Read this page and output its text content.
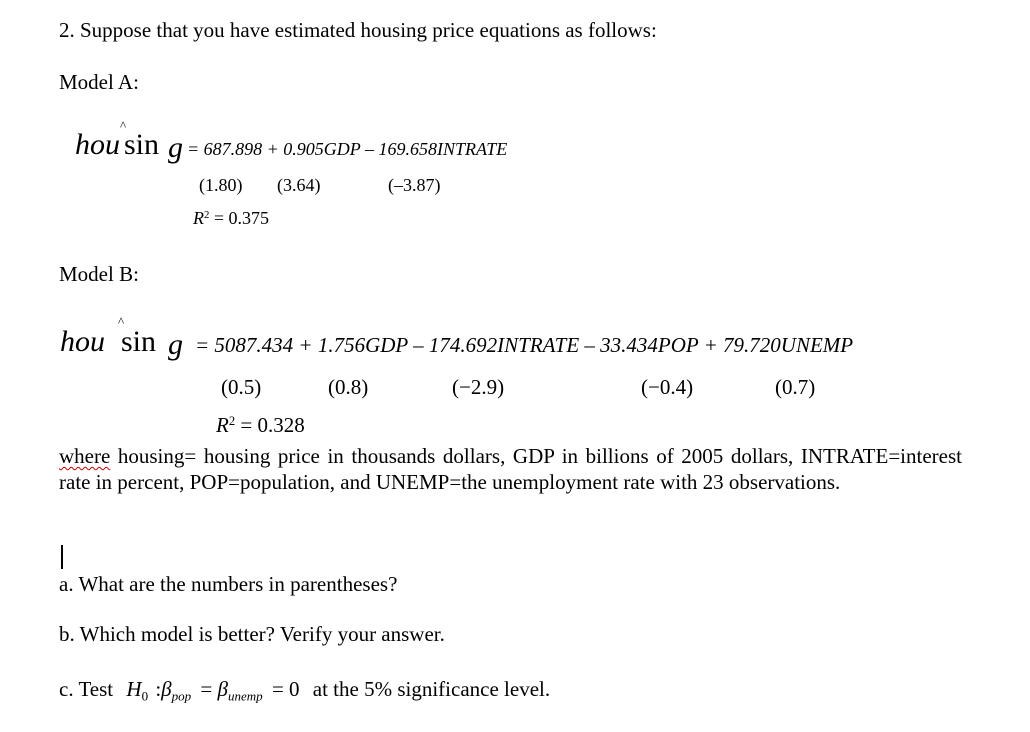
2. Suppose that you have estimated housing price equations as follows:
Model A:
^
hou sin g = 687.898 + 0.905GDP – 169.658INTRATE
(1.80) (3.64)	(–3.87)
$R^2 = 0.375$
Model B:
^
hou sin g = 5087.434 + 1.756GDP – 174.692INTRATE – 33.434POP + 79.720UNEMP
(0.5)	(0.8)	(−2.9)	(−0.4)	(0.7)
$R^2 = 0.328$
where housing= housing price in thousands dollars, GDP in billions of 2005 dollars, INTRATE=interest rate in percent, POP=population, and UNEMP=the unemployment rate with 23 observations.
a. What are the numbers in parentheses?
b. Which model is better? Verify your answer.
c. Test $H_0$ $:\beta_{pop} = \beta_{unemp} = 0$ at the 5% significance level.
